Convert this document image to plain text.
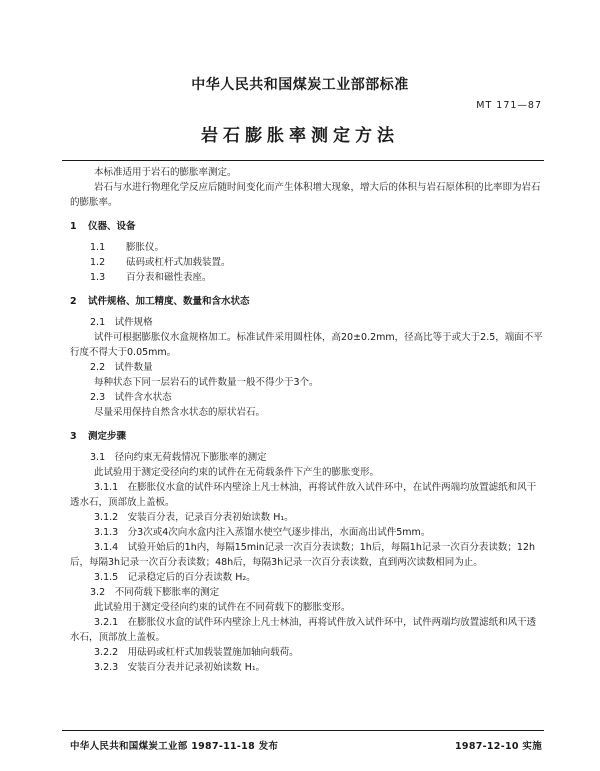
中华人民共和国煤炭工业部部标准
MT 171—87
岩石膨胀率测定方法

本标准适用于岩石的膨胀率测定。

岩石与水进行物理化学反应后随时间变化而产生体积增大现象，增大后的体积与岩石原体积的比率即为岩石的膨胀率。

1 仪器、设备
1.1 膨胀仪。
1.2 砝码或杠杆式加载装置。
1.3 百分表和磁性表座。
2 试件规格、加工精度、数量和含水状态
2.1　试件规格

试件可根据膨胀仪水盒规格加工。标准试件采用圆柱体，高20±0.2mm，径高比等于或大于2.5，端面不平行度不得大于0.05mm。

2.2　试件数量

每种状态下同一层岩石的试件数量一般不得少于3个。

2.3　试件含水状态

尽量采用保持自然含水状态的原状岩石。

3 测定步骤
3.1　径向约束无荷载情况下膨胀率的测定

此试验用于测定受径向约束的试件在无荷载条件下产生的膨胀变形。

3.1.1　在膨胀仪水盒的试件环内壁涂上凡士林油，再将试件放入试件环中，在试件两端均放置滤纸和风干透水石，顶部放上盖板。

3.1.2　安装百分表，记录百分表初始读数 H₁。

3.1.3　分3次或4次向水盒内注入蒸馏水使空气逐步排出，水面高出试件5mm。

3.1.4　试验开始后的1h内，每隔15min记录一次百分表读数；1h后，每隔1h记录一次百分表读数；12h后，每隔3h记录一次百分表读数；48h后，每隔3h记录一次百分表读数，直到两次读数相同为止。

3.1.5　记录稳定后的百分表读数 H₂。

3.2　不同荷载下膨胀率的测定

此试验用于测定受径向约束的试件在不同荷载下的膨胀变形。

3.2.1　在膨胀仪水盒的试件环内壁涂上凡士林油，再将试件放入试件环中，试件两端均放置滤纸和风干透水石，顶部放上盖板。

3.2.2　用砝码或杠杆式加载装置施加轴向载荷。

3.2.3　安装百分表并记录初始读数 H₁。

中华人民共和国煤炭工业部 1987-11-18 发布	1987-12-10 实施
